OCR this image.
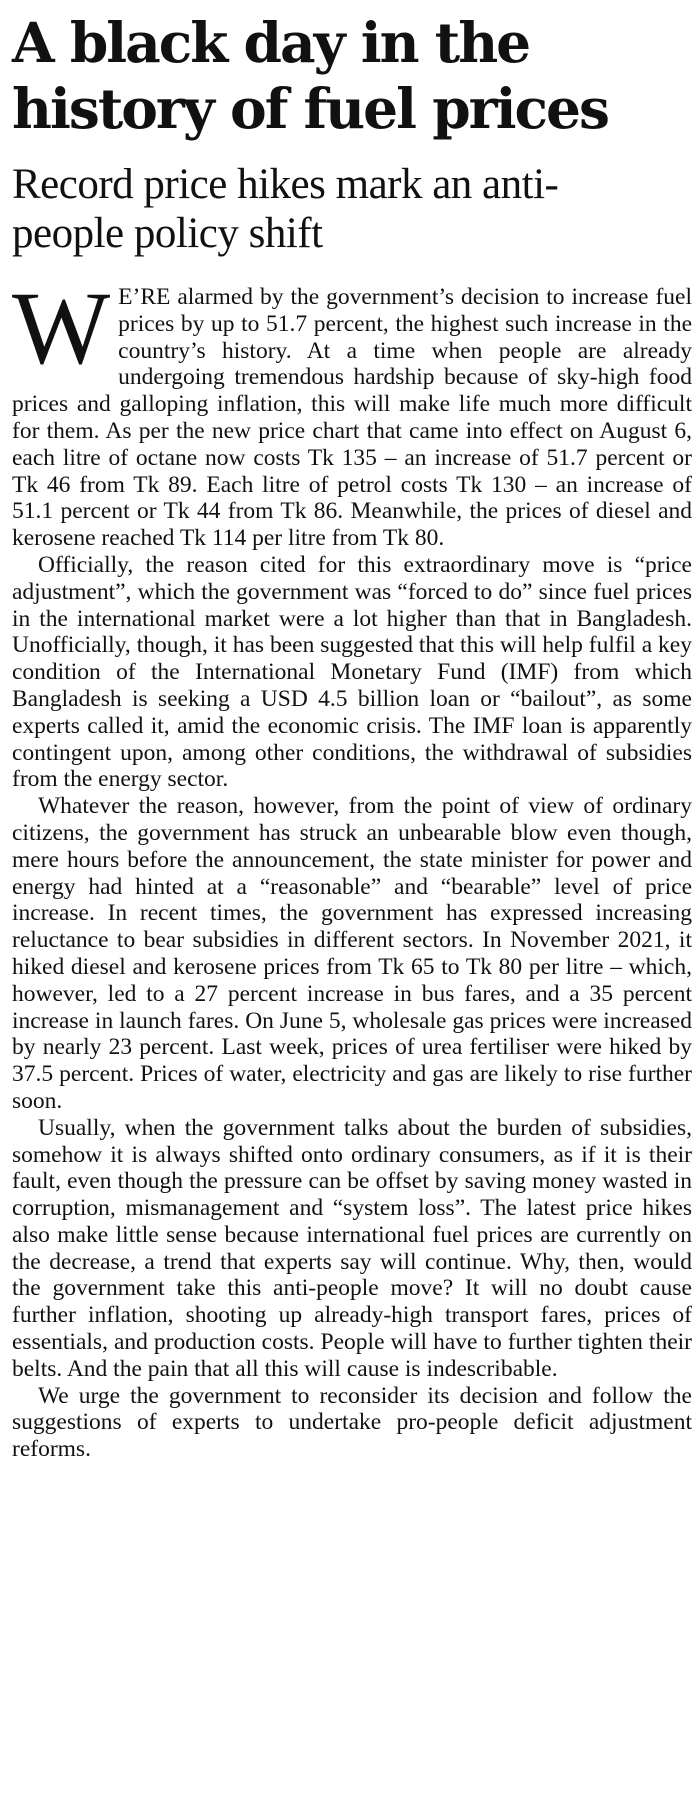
A black day in the history of fuel prices
Record price hikes mark an anti-people policy shift

W E’RE alarmed by the government’s decision to increase fuel prices by up to 51.7 percent, the highest such increase in the country’s history. At a time when people are already undergoing tremendous hardship because of sky-high food prices and galloping inflation, this will make life much more difficult for them. As per the new price chart that came into effect on August 6, each litre of octane now costs Tk 135 – an increase of 51.7 percent or Tk 46 from Tk 89. Each litre of petrol costs Tk 130 – an increase of 51.1 percent or Tk 44 from Tk 86. Meanwhile, the prices of diesel and kerosene reached Tk 114 per litre from Tk 80.

Officially, the reason cited for this extraordinary move is “price adjustment”, which the government was “forced to do” since fuel prices in the international market were a lot higher than that in Bangladesh. Unofficially, though, it has been suggested that this will help fulfil a key condition of the International Monetary Fund (IMF) from which Bangladesh is seeking a USD 4.5 billion loan or “bailout”, as some experts called it, amid the economic crisis. The IMF loan is apparently contingent upon, among other conditions, the withdrawal of subsidies from the energy sector.

Whatever the reason, however, from the point of view of ordinary citizens, the government has struck an unbearable blow even though, mere hours before the announcement, the state minister for power and energy had hinted at a “reasonable” and “bearable” level of price increase. In recent times, the government has expressed increasing reluctance to bear subsidies in different sectors. In November 2021, it hiked diesel and kerosene prices from Tk 65 to Tk 80 per litre – which, however, led to a 27 percent increase in bus fares, and a 35 percent increase in launch fares. On June 5, wholesale gas prices were increased by nearly 23 percent. Last week, prices of urea fertiliser were hiked by 37.5 percent. Prices of water, electricity and gas are likely to rise further soon.

Usually, when the government talks about the burden of subsidies, somehow it is always shifted onto ordinary consumers, as if it is their fault, even though the pressure can be offset by saving money wasted in corruption, mismanagement and “system loss”. The latest price hikes also make little sense because international fuel prices are currently on the decrease, a trend that experts say will continue. Why, then, would the government take this anti-people move? It will no doubt cause further inflation, shooting up already-high transport fares, prices of essentials, and production costs. People will have to further tighten their belts. And the pain that all this will cause is indescribable.

We urge the government to reconsider its decision and follow the suggestions of experts to undertake pro-people deficit adjustment reforms.
